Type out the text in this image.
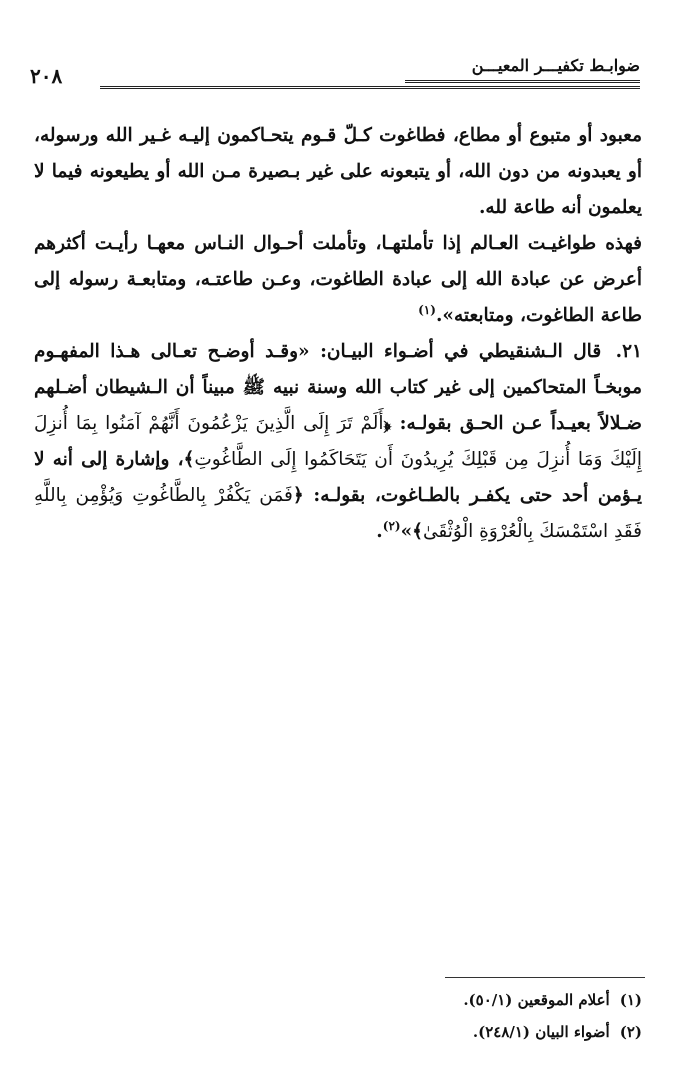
ضوابـط تكفيـــر المعيـــن
٢٠٨

معبود أو متبوع أو مطاع، فطاغوت كـلّ قـوم يتحـاكمون إليـه غـير الله ورسوله، أو يعبدونه من دون الله، أو يتبعونه على غير بـصيرة مـن الله أو يطيعونه فيما لا يعلمون أنه طاعة لله.

فهذه طواغيـت العـالم إذا تأملتهـا، وتأملت أحـوال النـاس معهـا رأيـت أكثرهم أعرض عن عبادة الله إلى عبادة الطاغوت، وعـن طاعتـه، ومتابعـة رسوله إلى طاعة الطاغوت، ومتابعته».$^{(١)}$

٢١. قال الـشنقيطي في أضـواء البيـان: «وقـد أوضـح تعـالى هـذا المفهـوم موبخـاً المتحاكمين إلى غير كتاب الله وسنة نبيه ﷺ مبيناً أن الـشيطان أضـلهم ضـلالاً بعيـداً عـن الحـق بقولـه: ﴿أَلَمْ تَرَ إِلَى الَّذِينَ يَزْعُمُونَ أَنَّهُمْ آمَنُوا بِمَا أُنزِلَ إِلَيْكَ وَمَا أُنزِلَ مِن قَبْلِكَ يُرِيدُونَ أَن يَتَحَاكَمُوا إِلَى الطَّاغُوتِ﴾، وإشارة إلى أنه لا يـؤمن أحد حتى يكفـر بالطـاغوت، بقولـه: ﴿فَمَن يَكْفُرْ بِالطَّاغُوتِ وَيُؤْمِن بِاللَّهِ فَقَدِ اسْتَمْسَكَ بِالْعُرْوَةِ الْوُثْقَىٰ﴾»$^{(٢)}$.

(١)أعلام الموقعين (٥٠/١).
(٢)أضواء البيان (٢٤٨/١).
